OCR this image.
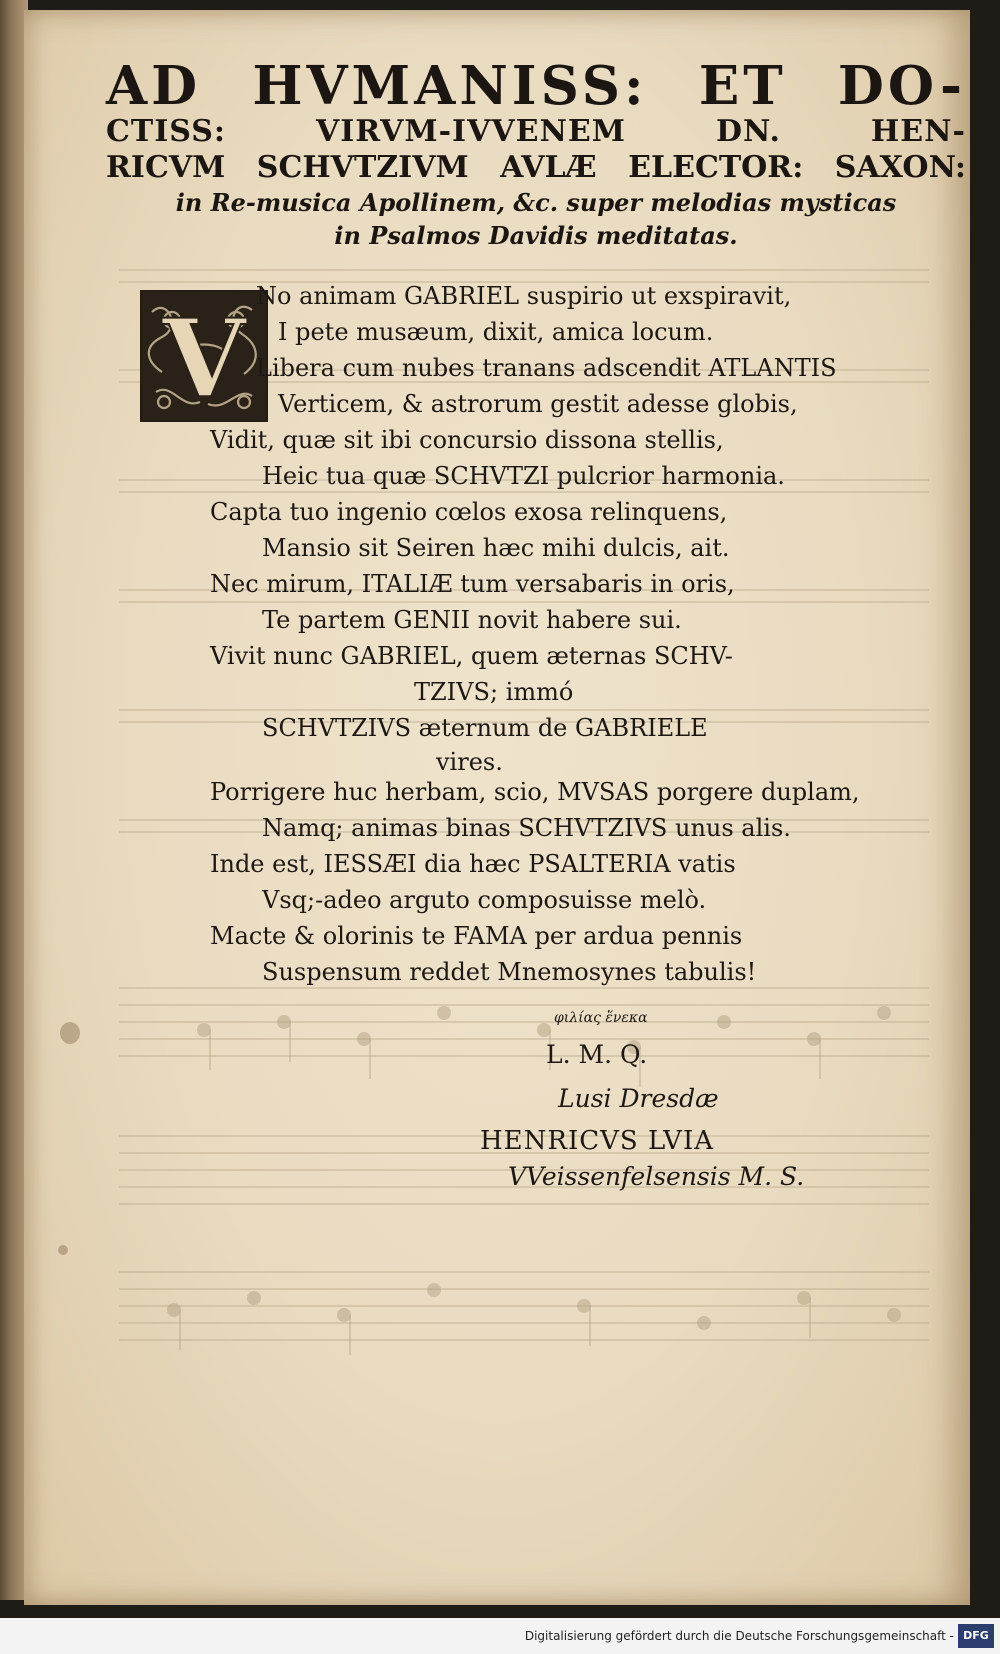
AD HVMANISS: ET DO-
CTISS: VIRVM-IVVENEM DN. HEN-
RICVM SCHVTZIVM AVLÆ ELECTOR: SAXON:
in Re-musica Apollinem, &c. super melodias mysticas
in Psalmos Davidis meditatas.
V No animam GABRIEL suspirio ut exspiravit,
I pete musæum, dixit, amica locum.
Libera cum nubes tranans adscendit ATLANTIS
Verticem, & astrorum gestit adesse globis,
Vidit, quæ sit ibi concursio dissona stellis,
Heic tua quæ SCHVTZI pulcrior harmonia.
Capta tuo ingenio cœlos exosa relinquens,
Mansio sit Seiren hæc mihi dulcis, ait.
Nec mirum, ITALIÆ tum versabaris in oris,
Te partem GENII novit habere sui.
Vivit nunc GABRIEL, quem æternas SCHV-
TZIVS; immó
SCHVTZIVS æternum de GABRIELE
vires.
Porrigere huc herbam, scio, MVSAS porgere duplam,
Namq; animas binas SCHVTZIVS unus alis.
Inde est, IESSÆI dia hæc PSALTERIA vatis
Vsq;-adeo arguto composuisse melò.
Macte & olorinis te FAMA per ardua pennis
Suspensum reddet Mnemosynes tabulis!
φιλίας ἕνεκα
L. M. Q.
Lusi Dresdæ
HENRICVS LVIA
VVeissenfelsensis M. S.
Digitalisierung gefördert durch die Deutsche Forschungsgemeinschaft - DFG
